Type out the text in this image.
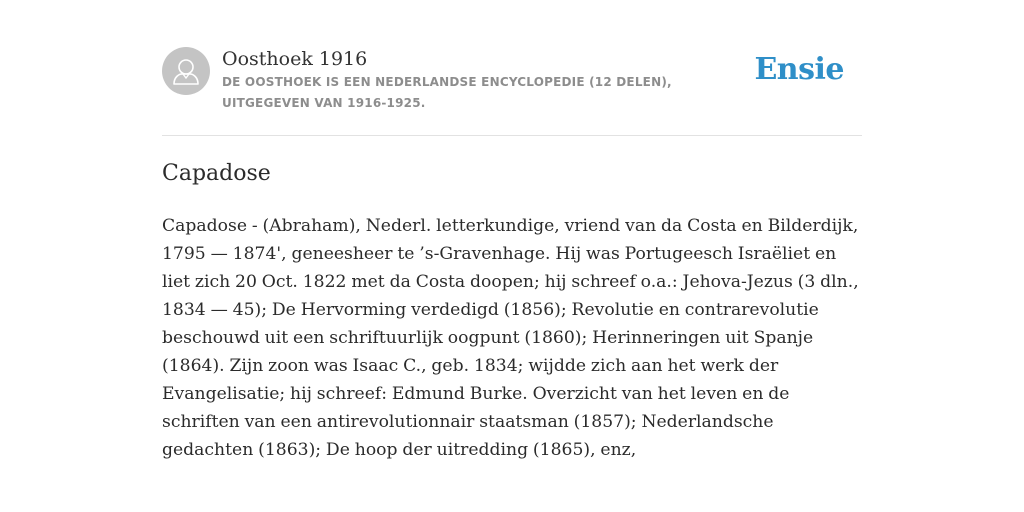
Oosthoek 1916
DE OOSTHOEK IS EEN NEDERLANDSE ENCYCLOPEDIE (12 DELEN), UITGEGEVEN VAN 1916-1925.
Ensie
Capadose

Capadose - (Abraham), Nederl. letterkundige, vriend van da Costa en Bilderdijk, 1795 — 1874', geneesheer te ’s-Gravenhage. Hij was Portugeesch Israëliet en liet zich 20 Oct. 1822 met da Costa doopen; hij schreef o.a.: Jehova-Jezus (3 dln., 1834 — 45); De Hervorming verdedigd (1856); Revolutie en contrarevolutie beschouwd uit een schriftuurlijk oogpunt (1860); Herinneringen uit Spanje (1864). Zijn zoon was Isaac C., geb. 1834; wijdde zich aan het werk der Evangelisatie; hij schreef: Edmund Burke. Overzicht van het leven en de schriften van een antirevolutionnair staatsman (1857); Nederlandsche gedachten (1863); De hoop der uitredding (1865), enz,
